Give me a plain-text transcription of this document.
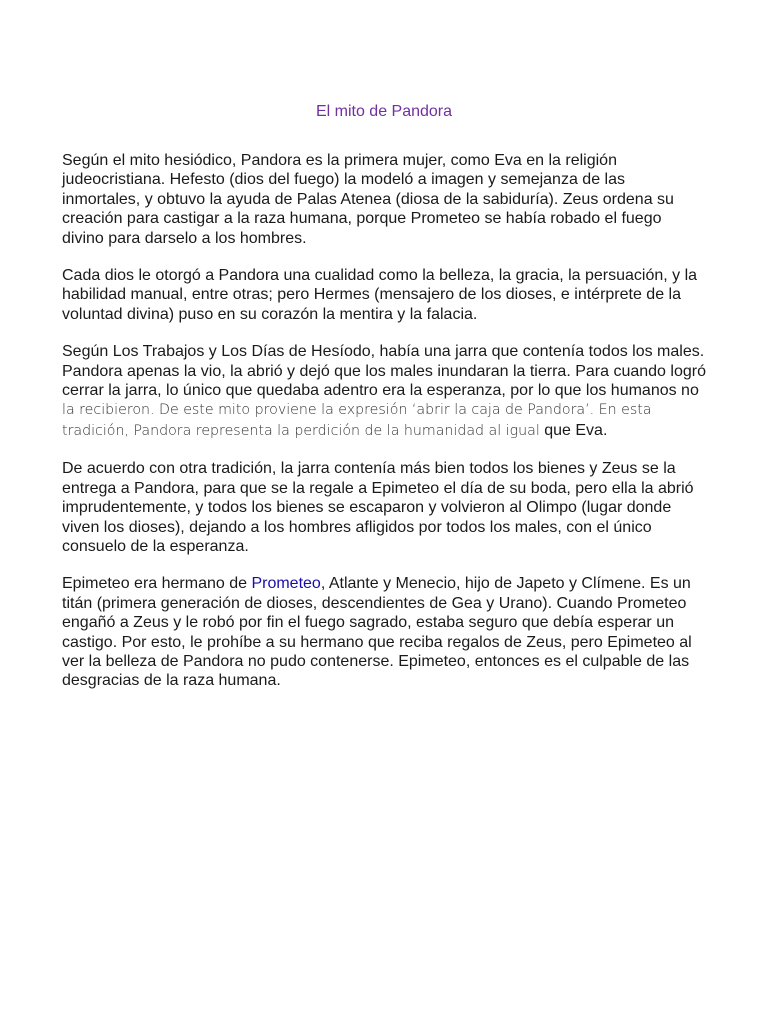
El mito de Pandora

Según el mito hesiódico, Pandora es la primera mujer, como Eva en la religión judeocristiana. Hefesto (dios del fuego) la modeló a imagen y semejanza de las inmortales, y obtuvo la ayuda de Palas Atenea (diosa de la sabiduría). Zeus ordena su creación para castigar a la raza humana, porque Prometeo se había robado el fuego divino para darselo a los hombres.

Cada dios le otorgó a Pandora una cualidad como la belleza, la gracia, la persuación, y la habilidad manual, entre otras; pero Hermes (mensajero de los dioses, e intérprete de la voluntad divina) puso en su corazón la mentira y la falacia.

Según Los Trabajos y Los Días de Hesíodo, había una jarra que contenía todos los males. Pandora apenas la vio, la abrió y dejó que los males inundaran la tierra. Para cuando logró cerrar la jarra, lo único que quedaba adentro era la esperanza, por lo que los humanos no la recibieron. De este mito proviene la expresión ‘abrir la caja de Pandora’. En esta tradición, Pandora representa la perdición de la humanidad al igual que Eva.

De acuerdo con otra tradición, la jarra contenía más bien todos los bienes y Zeus se la entrega a Pandora, para que se la regale a Epimeteo el día de su boda, pero ella la abrió imprudentemente, y todos los bienes se escaparon y volvieron al Olimpo (lugar donde viven los dioses), dejando a los hombres afligidos por todos los males, con el único consuelo de la esperanza.

Epimeteo era hermano de Prometeo, Atlante y Menecio, hijo de Japeto y Clímene. Es un titán (primera generación de dioses, descendientes de Gea y Urano). Cuando Prometeo engañó a Zeus y le robó por fin el fuego sagrado, estaba seguro que debía esperar un castigo. Por esto, le prohíbe a su hermano que reciba regalos de Zeus, pero Epimeteo al ver la belleza de Pandora no pudo contenerse. Epimeteo, entonces es el culpable de las desgracias de la raza humana.
